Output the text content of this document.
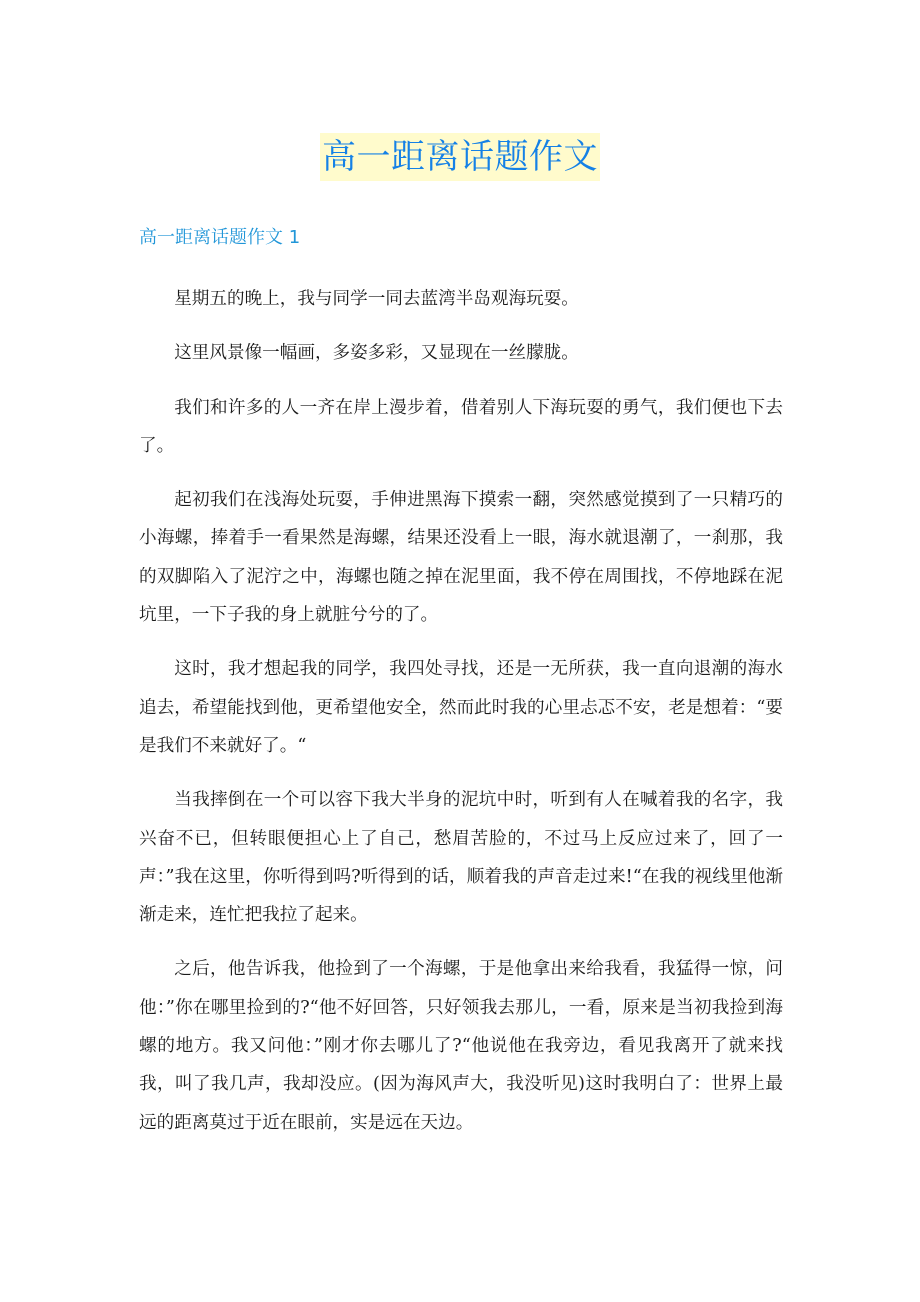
高一距离话题作文
高一距离话题作文 1

星期五的晚上，我与同学一同去蓝湾半岛观海玩耍。

这里风景像一幅画，多姿多彩，又显现在一丝朦胧。

我们和许多的人一齐在岸上漫步着，借着别人下海玩耍的勇气，我们便也下去了。

起初我们在浅海处玩耍，手伸进黑海下摸索一翻，突然感觉摸到了一只精巧的小海螺，捧着手一看果然是海螺，结果还没看上一眼，海水就退潮了，一刹那，我的双脚陷入了泥泞之中，海螺也随之掉在泥里面，我不停在周围找，不停地踩在泥坑里，一下子我的身上就脏兮兮的了。

这时，我才想起我的同学，我四处寻找，还是一无所获，我一直向退潮的海水追去，希望能找到他，更希望他安全，然而此时我的心里忐忑不安，老是想着：“要是我们不来就好了。“

当我摔倒在一个可以容下我大半身的泥坑中时，听到有人在喊着我的名字，我兴奋不已，但转眼便担心上了自己，愁眉苦脸的，不过马上反应过来了，回了一声：”我在这里，你听得到吗?听得到的话，顺着我的声音走过来!“在我的视线里他渐渐走来，连忙把我拉了起来。

之后，他告诉我，他捡到了一个海螺，于是他拿出来给我看，我猛得一惊，问他：”你在哪里捡到的?“他不好回答，只好领我去那儿，一看，原来是当初我捡到海螺的地方。我又问他：”刚才你去哪儿了?“他说他在我旁边，看见我离开了就来找我，叫了我几声，我却没应。(因为海风声大，我没听见)这时我明白了：世界上最远的距离莫过于近在眼前，实是远在天边。
